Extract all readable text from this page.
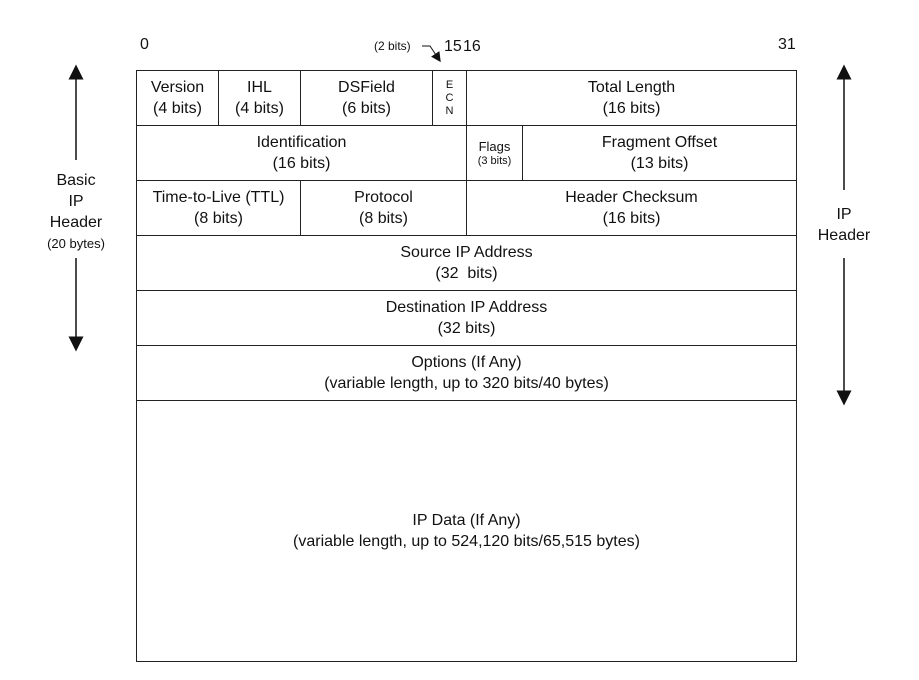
0	15 16	31
(2 bits)
Basic
IP
Header
(20 bytes)
IP
Header
Version
(4 bits)
IHL
(4 bits)
DSField
(6 bits)
E
C
N
Total Length
(16 bits)
Identification
(16 bits)
Flags
(3 bits)
Fragment Offset
(13 bits)
Time-to-Live (TTL)
(8 bits)
Protocol
(8 bits)
Header Checksum
(16 bits)
Source IP Address
(32  bits)
Destination IP Address
(32 bits)
Options (If Any)
(variable length, up to 320 bits/40 bytes)
IP Data (If Any)
(variable length, up to 524,120 bits/65,515 bytes)
